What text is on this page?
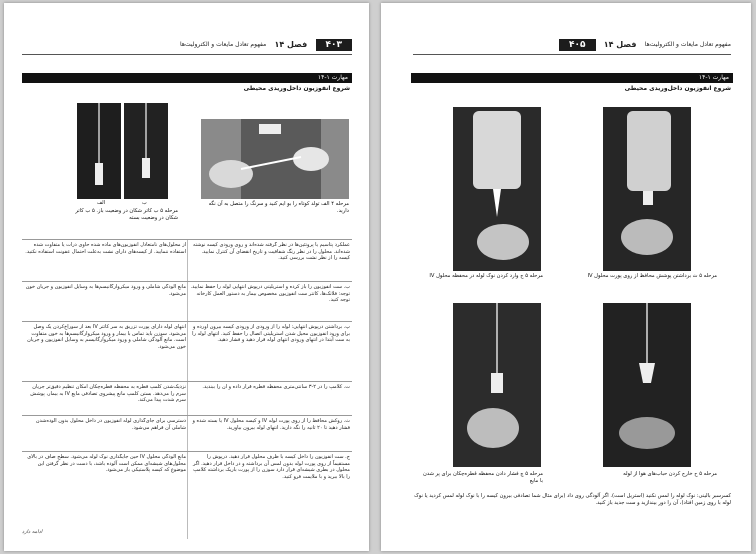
۴۰۳ فصل ۱۴ مفهوم تعادل مایعات و الکترولیت‌ها
مهارت ۱-۱۴
شروع انفوزیون داخل‌وریدی محیطی
مرحله ۴ الف تولد کوتاه را بو ایم کنید و سرنگ را متصل به آن نگه دارید.
ب
الف
مرحله ۵ ب کاتر شکان در وضعیت باز. ۵ ب کاتر شکان در وضعیت بسته
عملکرد پتاسیم یا پروتئین‌ها در نظر گرفته شده‌اند و روی ورودی کیسه نوشته شده‌اند. محلول را در نظر رنگ شفافیت و تاریخ انقضای آن کنترل نمایید. کیسه را از نظر نشت بررسی کنید.
از محلول‌های نامتعادل انفوزیون‌های ماده شده حاوی ذرات یا متفاوت شده استفاده ننمایید. از کیسه‌های دارای نشت به‌علت احتمال عفونت استفاده نکنید.
ب. ست انفوزیون را باز کرده و استریلیتی درپوش انتهایی لوله را حفظ نمایید. توجه: فلاتک‌ها، کاتتر ست انفوزیون مخصوص بیمار به دستور العمل کارخانه توجه کنید.
مانع آلودگی شاملی و ورود میکروارگانیسم‌ها به وسایل انفوزیون و جریان خون می‌شود.
پ. برداشتن درپوش انتهایی: لوله را از ورودی از ورودی کیسه بیرون آورده و برای ورود انفوزیون محیل شدن استریلیتی اتصال را حفظ کنید. انتهای لوله را به ست ابتدا در انتهای ورودی انتهای لوله قرار دهید و فشار دهید.
انتهای لوله دارای پورت تزریق به سر کاتتر IV بعد از سوراخ‌کردن یک وصل می‌شود. سوزن باید تماس با بیمار و ورود میکروارگانیسم‌ها به خون متفاوت است. مانع آلودگی شاملی و ورود میکروارگانیسم به وسایل انفوزیون و جریان خون می‌شود.
ت. کلامپ را در ۲-۳ سانتی‌متری محفظه قطره قرار داده و آن را ببندید.
نزدیک‌شدن کلمپ قطره به محفظه قطره‌چکان امکان تنظیم دقیق‌تر جریان سرم را می‌دهد. بستن کلمپ مانع پیشروی تصادفی مایع IV به بیمار، پوشش سرم شدت پیدا می‌کند.
ث. روکش محافظ را از روی پورت لوله IV و کیسه محلول IV یا بسته شده و فشار دهید تا ۲۰ ثانیه را نگه دارید. انتهای لوله بیرون بیاورید.
دسترسی برای جای‌گذاری لوله انفوزیون در داخل محلول بدون آلوده‌شدن شاملی آن فراهم می‌شود.
ج. ست انفوزیون را داخل کیسه با ظرف محلول قرار دهید. درپوش را مستقیماً از روی پورت لوله بدون لمس آن برداشته و در داخل قرار دهید. اگر محلول در بطری شیشه‌ای قرار دارد سوزن را از پورت باریک برداشته کلامپ را بالا ببرید و با ملایمت فرو کنید.
مانع آلودگی محلول IV حین جایگذاری نوک لوله می‌شود. سطح صاف در بالای محلول‌های شیشه‌ای ممکن است آلوده باشد، با دست در نظر گرفتن این موضوع که کیسه پلاستیکی باز می‌شود.
ادامه دارد
مفهوم تعادل مایعات و الکترولیت‌ها فصل ۱۴ ۴۰۵
مهارت ۱-۱۴
شروع انفوزیون داخل‌وریدی محیطی
مرحله ۵ ث برداشتن پوشش محافظ از روی پورت محلول IV
مرحله ۵ ج وارد کردن نوک لوله در محفظه محلول IV
مرحله ۵ ح خارج کردن حباب‌های هوا از لوله
مرحله ۵ چ فشار دادن محفظه قطره‌چکان برای پر شدن با مایع
کسرسبر بالینی: نوک لوله را لمس نکنید (استریل است). اگر آلودگی روی داد (برای مثال شما تصادفی بیرون کیسه را با نوک لوله لمس کردید یا نوک لوله با روی زمین افتاد)، آن را دور بیندازید و ست جدید باز کنید.
